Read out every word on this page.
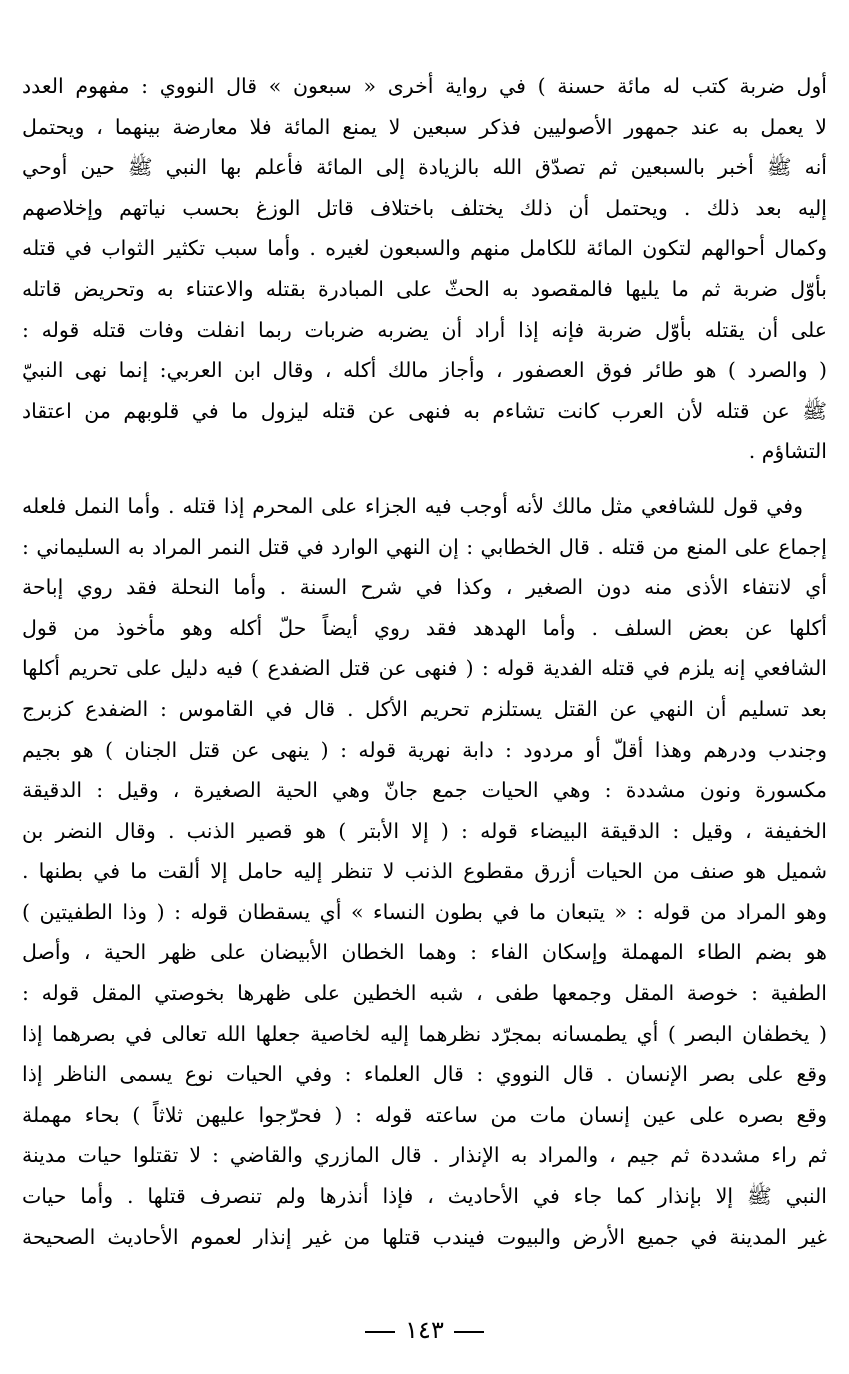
أول ضربة كتب له مائة حسنة ) في رواية أخرى « سبعون » قال النووي : مفهوم العدد
لا يعمل به عند جمهور الأصوليين فذكر سبعين لا يمنع المائة فلا معارضة بينهما ، ويحتمل
أنه ﷺ أخبر بالسبعين ثم تصدّق الله بالزيادة إلى المائة فأعلم بها النبي ﷺ حين أوحي
إليه بعد ذلك . ويحتمل أن ذلك يختلف باختلاف قاتل الوزغ بحسب نياتهم وإخلاصهم
وكمال أحوالهم لتكون المائة للكامل منهم والسبعون لغيره . وأما سبب تكثير الثواب في قتله
بأوّل ضربة ثم ما يليها فالمقصود به الحثّ على المبادرة بقتله والاعتناء به وتحريض قاتله
على أن يقتله بأوّل ضربة فإنه إذا أراد أن يضربه ضربات ربما انفلت وفات قتله قوله :
( والصرد ) هو طائر فوق العصفور ، وأجاز مالك أكله ، وقال ابن العربي: إنما نهى النبيّ
ﷺ عن قتله لأن العرب كانت تشاءم به فنهى عن قتله ليزول ما في قلوبهم من اعتقاد
التشاؤم .
وفي قول للشافعي مثل مالك لأنه أوجب فيه الجزاء على المحرم إذا قتله . وأما النمل فلعله
إجماع على المنع من قتله . قال الخطابي : إن النهي الوارد في قتل النمر المراد به السليماني :
أي لانتفاء الأذى منه دون الصغير ، وكذا في شرح السنة . وأما النحلة فقد روي إباحة
أكلها عن بعض السلف . وأما الهدهد فقد روي أيضاً حلّ أكله وهو مأخوذ من قول
الشافعي إنه يلزم في قتله الفدية قوله : ( فنهى عن قتل الضفدع ) فيه دليل على تحريم أكلها
بعد تسليم أن النهي عن القتل يستلزم تحريم الأكل . قال في القاموس : الضفدع كزبرج
وجندب ودرهم وهذا أقلّ أو مردود : دابة نهرية قوله : ( ينهى عن قتل الجنان ) هو بجيم
مكسورة ونون مشددة : وهي الحيات جمع جانّ وهي الحية الصغيرة ، وقيل : الدقيقة
الخفيفة ، وقيل : الدقيقة البيضاء قوله : ( إلا الأبتر ) هو قصير الذنب . وقال النضر بن
شميل هو صنف من الحيات أزرق مقطوع الذنب لا تنظر إليه حامل إلا ألقت ما في بطنها .
وهو المراد من قوله : « يتبعان ما في بطون النساء » أي يسقطان قوله : ( وذا الطفيتين )
هو بضم الطاء المهملة وإسكان الفاء : وهما الخطان الأبيضان على ظهر الحية ، وأصل
الطفية : خوصة المقل وجمعها طفى ، شبه الخطين على ظهرها بخوصتي المقل قوله :
( يخطفان البصر ) أي يطمسانه بمجرّد نظرهما إليه لخاصية جعلها الله تعالى في بصرهما إذا
وقع على بصر الإنسان . قال النووي : قال العلماء : وفي الحيات نوع يسمى الناظر إذا
وقع بصره على عين إنسان مات من ساعته قوله : ( فحرّجوا عليهن ثلاثاً ) بحاء مهملة
ثم راء مشددة ثم جيم ، والمراد به الإنذار . قال المازري والقاضي : لا تقتلوا حيات مدينة
النبي ﷺ إلا بإنذار كما جاء في الأحاديث ، فإذا أنذرها ولم تنصرف قتلها . وأما حيات
غير المدينة في جميع الأرض والبيوت فيندب قتلها من غير إنذار لعموم الأحاديث الصحيحة
١٤٣
